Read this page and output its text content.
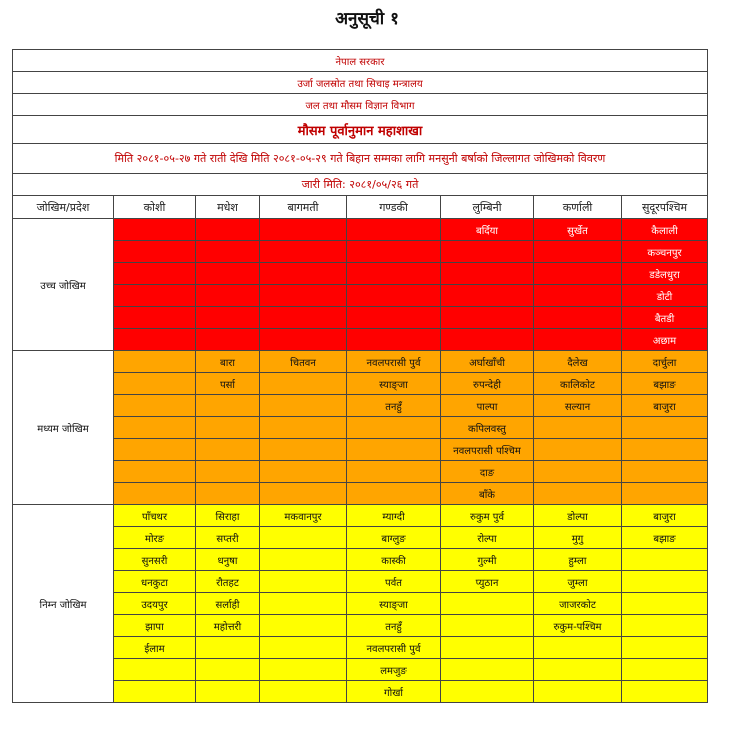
अनुसूची १
नेपाल सरकार							
उर्जा जलस्रोत तथा सिचाइ मन्त्रालय							
जल तथा मौसम विज्ञान विभाग							
मौसम पूर्वानुमान महाशाखा							
मिति २०८१-०५-२७ गते राती देखि मिति २०८१-०५-२९ गते बिहान सम्मका लागि मनसुनी बर्षाको जिल्लागत जोखिमको विवरण							
जारी मिति: २०८१/०५/२६ गते							
जोखिम/प्रदेश	कोशी	मधेश	बागमती	गण्डकी	लुम्बिनी	कर्णाली	सुदूरपश्चिम
उच्च जोखिम					बर्दिया	सुर्खेत	कैलाली
							कञ्चनपुर
							डडेलधुरा
							डोटी
							बैतडी
							अछाम
मध्यम जोखिम		बारा	चितवन	नवलपरासी पुर्व	अर्घाखाँची	दैलेख	दार्चुला
		पर्सा		स्याङ्जा	रुपन्देही	कालिकोट	बझाङ
				तनहुँ	पाल्पा	सल्यान	बाजुरा
					कपिलवस्तु		
					नवलपरासी पश्चिम		
					दाङ		
					बाँके		
निम्न जोखिम	पाँचथर	सिराहा	मकवानपुर	म्याग्दी	रुकुम पुर्व	डोल्पा	बाजुरा
	मोरङ	सप्तरी		बाग्लुङ	रोल्पा	मुगु	बझाङ
	सुनसरी	धनुषा		कास्की	गुल्मी	हुम्ला	
	धनकुटा	रौतहट		पर्वत	प्युठान	जुम्ला	
	उदयपुर	सर्लाही		स्याङ्जा		जाजरकोट	
	झापा	महोत्तरी		तनहुँ		रुकुम-पश्चिम	
	ईलाम			नवलपरासी पुर्व			
				लमजुङ			
				गोर्खा			
